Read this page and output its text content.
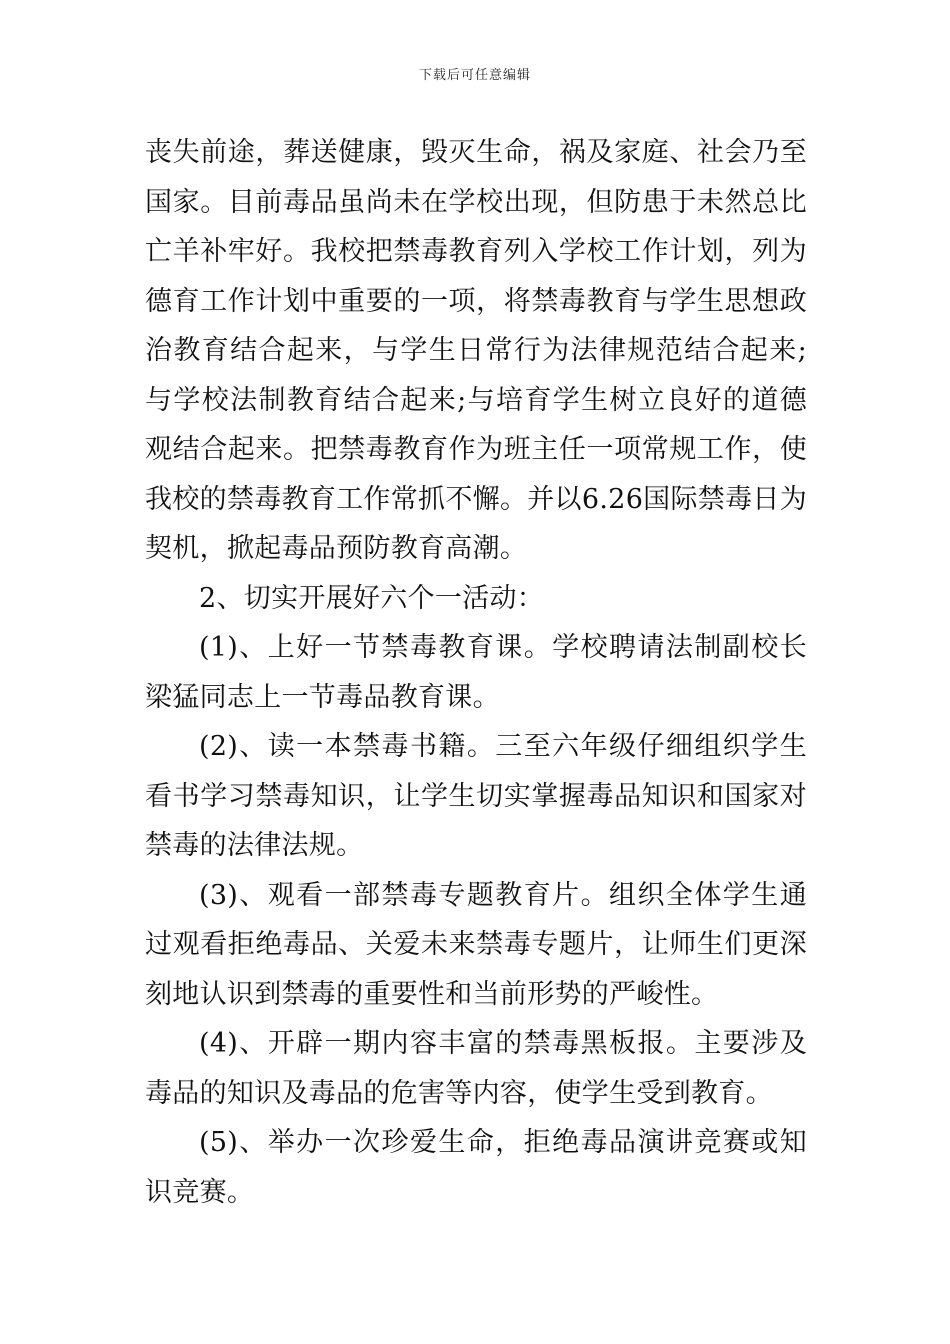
下载后可任意编辑

丧失前途，葬送健康，毁灭生命，祸及家庭、社会乃至国家。目前毒品虽尚未在学校出现，但防患于未然总比亡羊补牢好。我校把禁毒教育列入学校工作计划，列为德育工作计划中重要的一项，将禁毒教育与学生思想政治教育结合起来，与学生日常行为法律规范结合起来;与学校法制教育结合起来;与培育学生树立良好的道德观结合起来。把禁毒教育作为班主任一项常规工作，使我校的禁毒教育工作常抓不懈。并以6.26国际禁毒日为契机，掀起毒品预防教育高潮。

2、切实开展好六个一活动：

(1)、上好一节禁毒教育课。学校聘请法制副校长梁猛同志上一节毒品教育课。

(2)、读一本禁毒书籍。三至六年级仔细组织学生看书学习禁毒知识，让学生切实掌握毒品知识和国家对禁毒的法律法规。

(3)、观看一部禁毒专题教育片。组织全体学生通过观看拒绝毒品、关爱未来禁毒专题片，让师生们更深刻地认识到禁毒的重要性和当前形势的严峻性。

(4)、开辟一期内容丰富的禁毒黑板报。主要涉及毒品的知识及毒品的危害等内容，使学生受到教育。

(5)、举办一次珍爱生命，拒绝毒品演讲竞赛或知识竞赛。
